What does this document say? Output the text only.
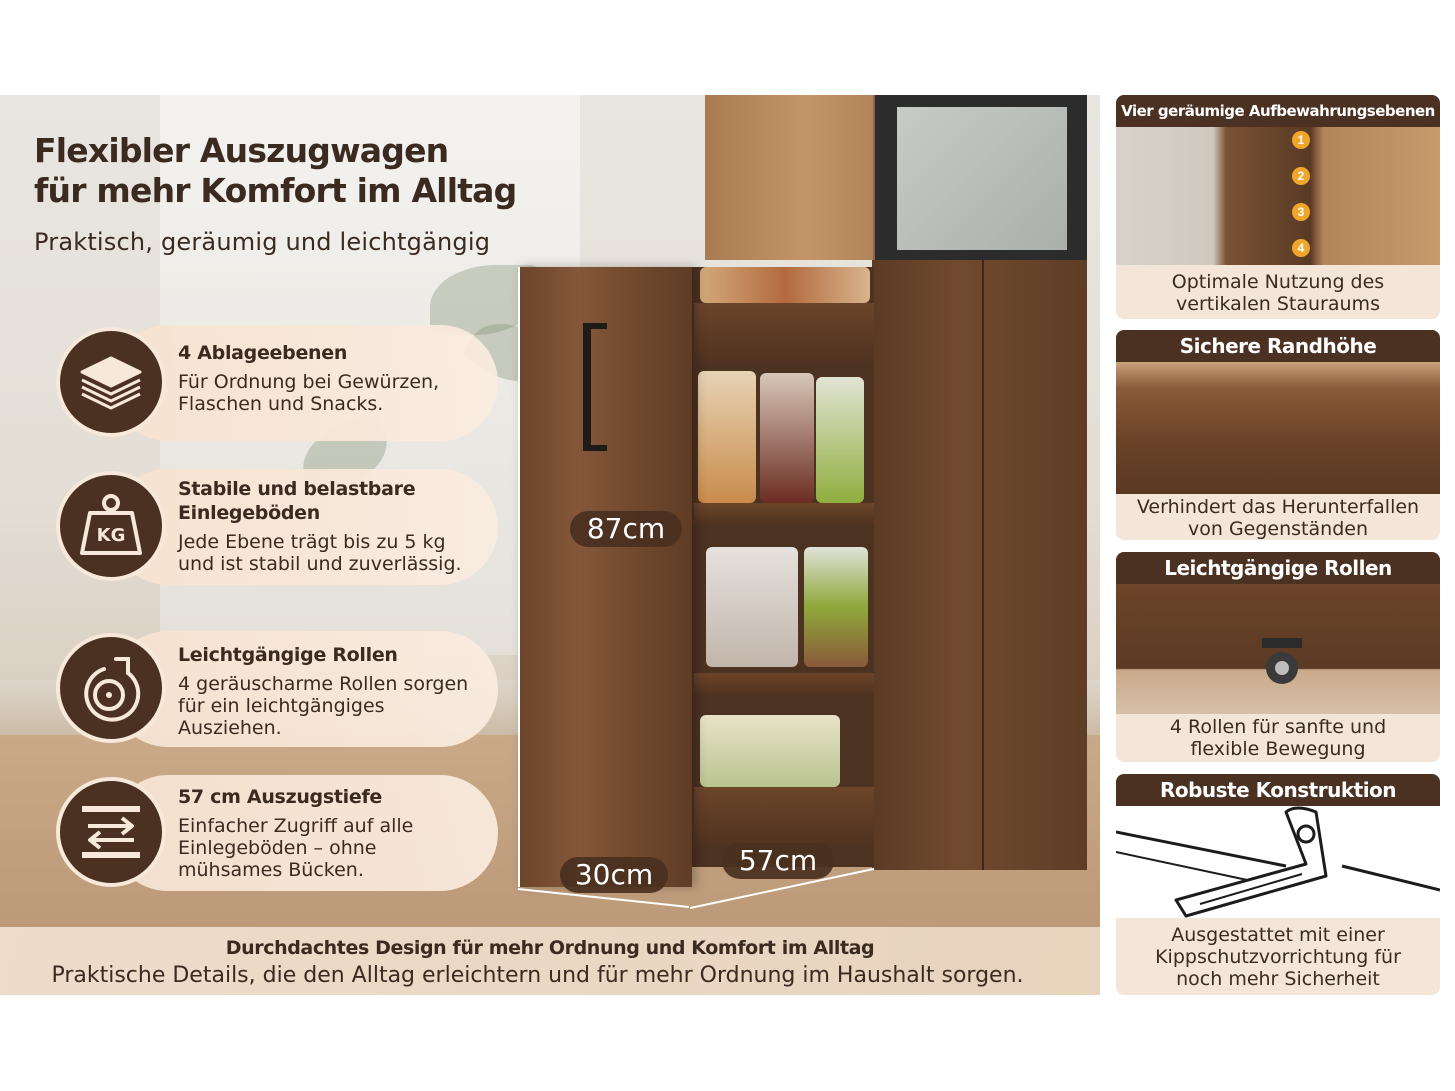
Flexibler Auszugwagen
für mehr Komfort im Alltag
Praktisch, geräumig und leichtgängig
4 Ablageebenen
Für Ordnung bei Gewürzen,
Flaschen und Snacks.
KG
Stabile und belastbare
Einlegeböden
Jede Ebene trägt bis zu 5 kg
und ist stabil und zuverlässig.
Leichtgängige Rollen
4 geräuscharme Rollen sorgen
für ein leichtgängiges
Ausziehen.
57 cm Auszugstiefe
Einfacher Zugriff auf alle
Einlegeböden – ohne
mühsames Bücken.
87cm
30cm	57cm
Durchdachtes Design für mehr Ordnung und Komfort im Alltag
Praktische Details, die den Alltag erleichtern und für mehr Ordnung im Haushalt sorgen.
Vier geräumige Aufbewahrungsebenen
1
2
3
4
Optimale Nutzung des
vertikalen Stauraums
Sichere Randhöhe
Verhindert das Herunterfallen
von Gegenständen
Leichtgängige Rollen
4 Rollen für sanfte und
flexible Bewegung
Robuste Konstruktion
Ausgestattet mit einer
Kippschutzvorrichtung für
noch mehr Sicherheit
